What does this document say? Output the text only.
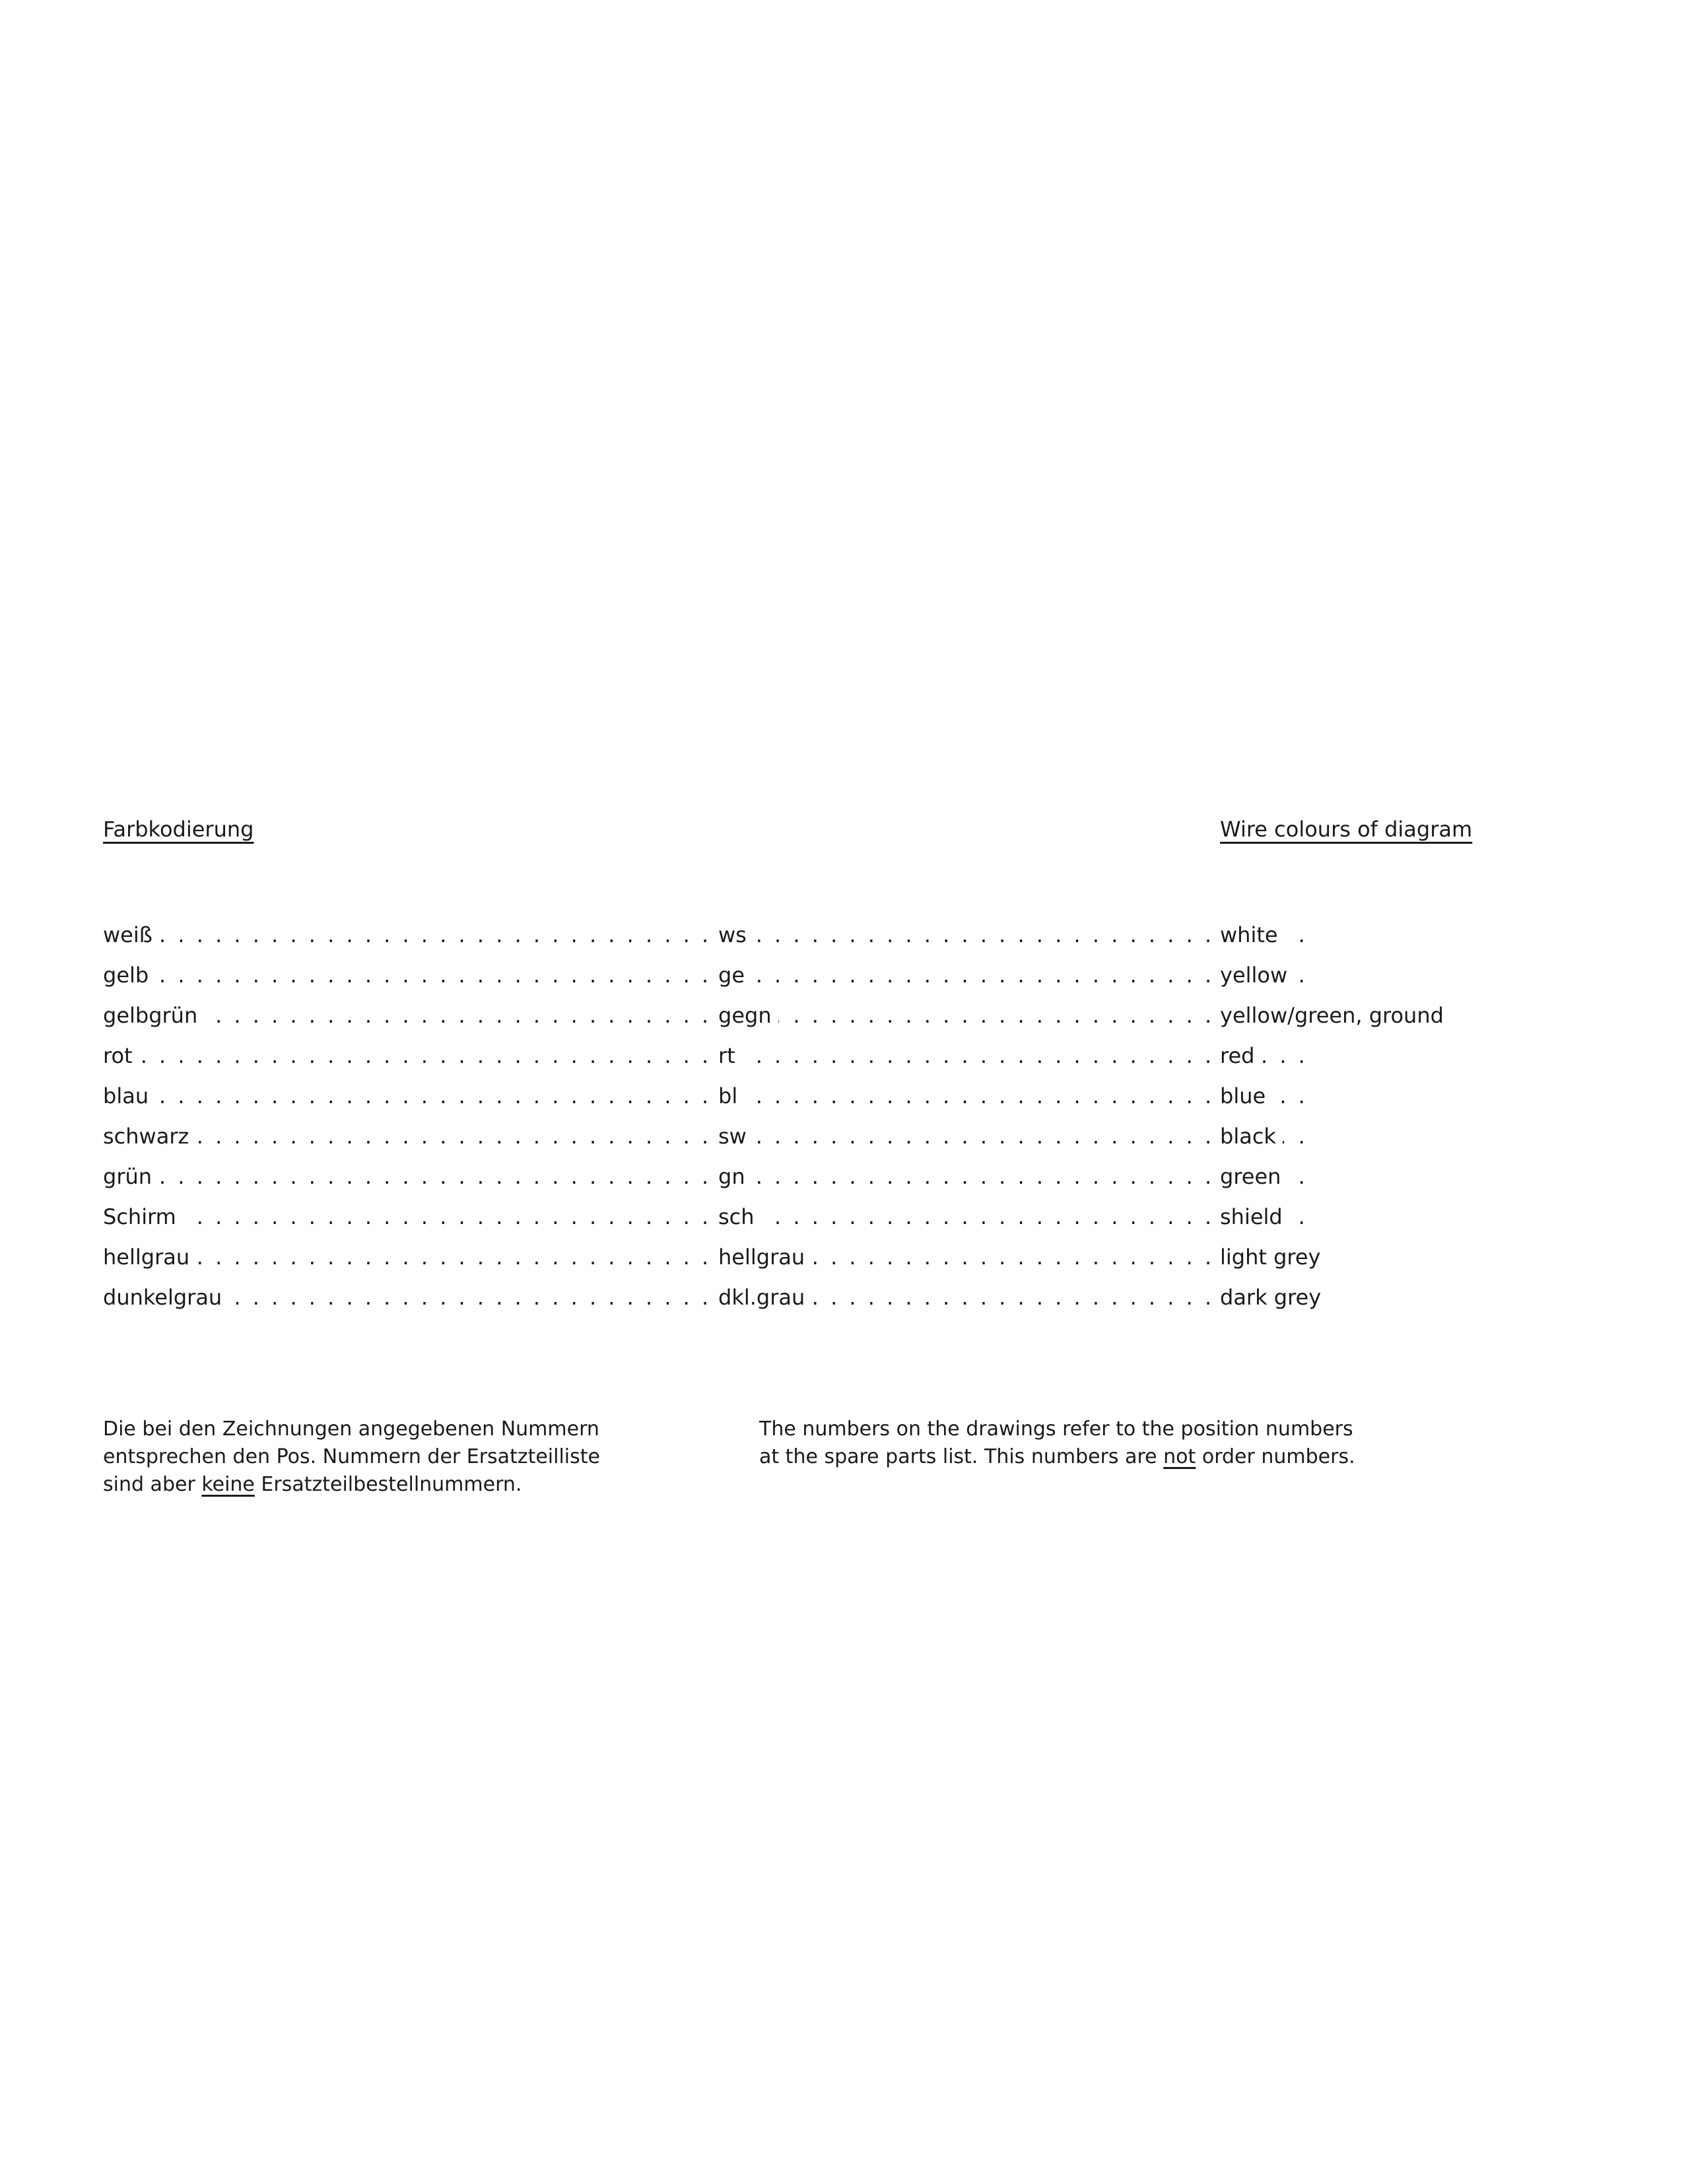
Farbkodierung	Wire colours of diagram
weiß . . .	ws . . .	white
gelb . . .	ge . . .	yellow
gelbgrün . . .	gegn . . .	yellow/green, ground
rot . . .	rt . . .	red
blau . . .	bl . . .	blue
schwarz . . .	sw . . .	black
grün . . .	gn . . .	green
Schirm . . .	sch . . .	shield
hellgrau . . .	hellgrau . . .	light grey
dunkelgrau . . .	dkl.grau . . .	dark grey
Die bei den Zeichnungen angegebenen Nummern
entsprechen den Pos. Nummern der Ersatzteilliste
sind aber keine Ersatzteilbestellnummern.
The numbers on the drawings refer to the position numbers
at the spare parts list. This numbers are not order numbers.
